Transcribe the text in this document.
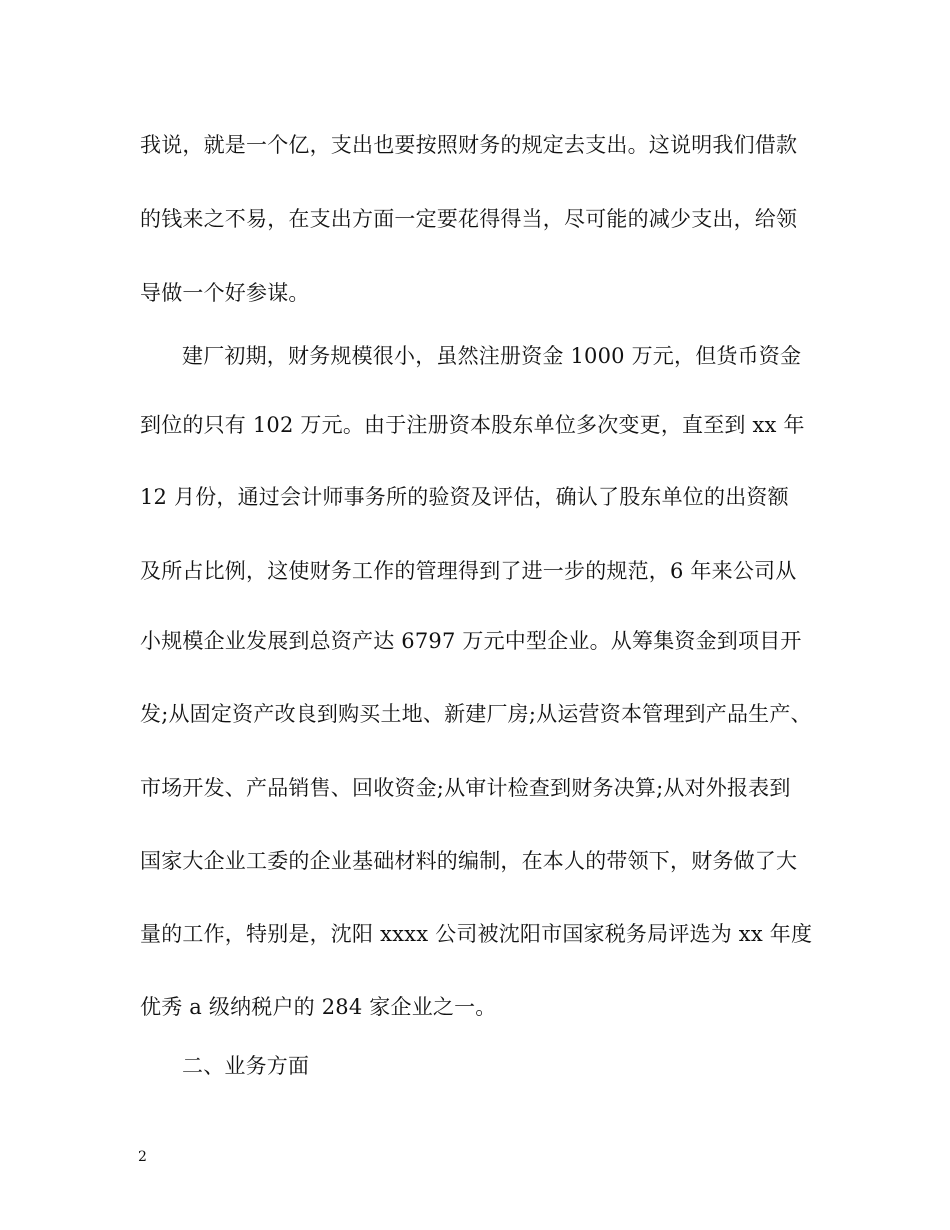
我说，就是一个亿，支出也要按照财务的规定去支出。这说明我们借款
的钱来之不易，在支出方面一定要花得得当，尽可能的减少支出，给领
导做一个好参谋。
建厂初期，财务规模很小，虽然注册资金 1000 万元，但货币资金
到位的只有 102 万元。由于注册资本股东单位多次变更，直至到 xx 年
12 月份，通过会计师事务所的验资及评估，确认了股东单位的出资额
及所占比例，这使财务工作的管理得到了进一步的规范，6 年来公司从
小规模企业发展到总资产达 6797 万元中型企业。从筹集资金到项目开
发;从固定资产改良到购买土地、新建厂房;从运营资本管理到产品生产、
市场开发、产品销售、回收资金;从审计检查到财务决算;从对外报表到
国家大企业工委的企业基础材料的编制，在本人的带领下，财务做了大
量的工作，特别是，沈阳 xxxx 公司被沈阳市国家税务局评选为 xx 年度
优秀 a 级纳税户的 284 家企业之一。
二、业务方面
2
